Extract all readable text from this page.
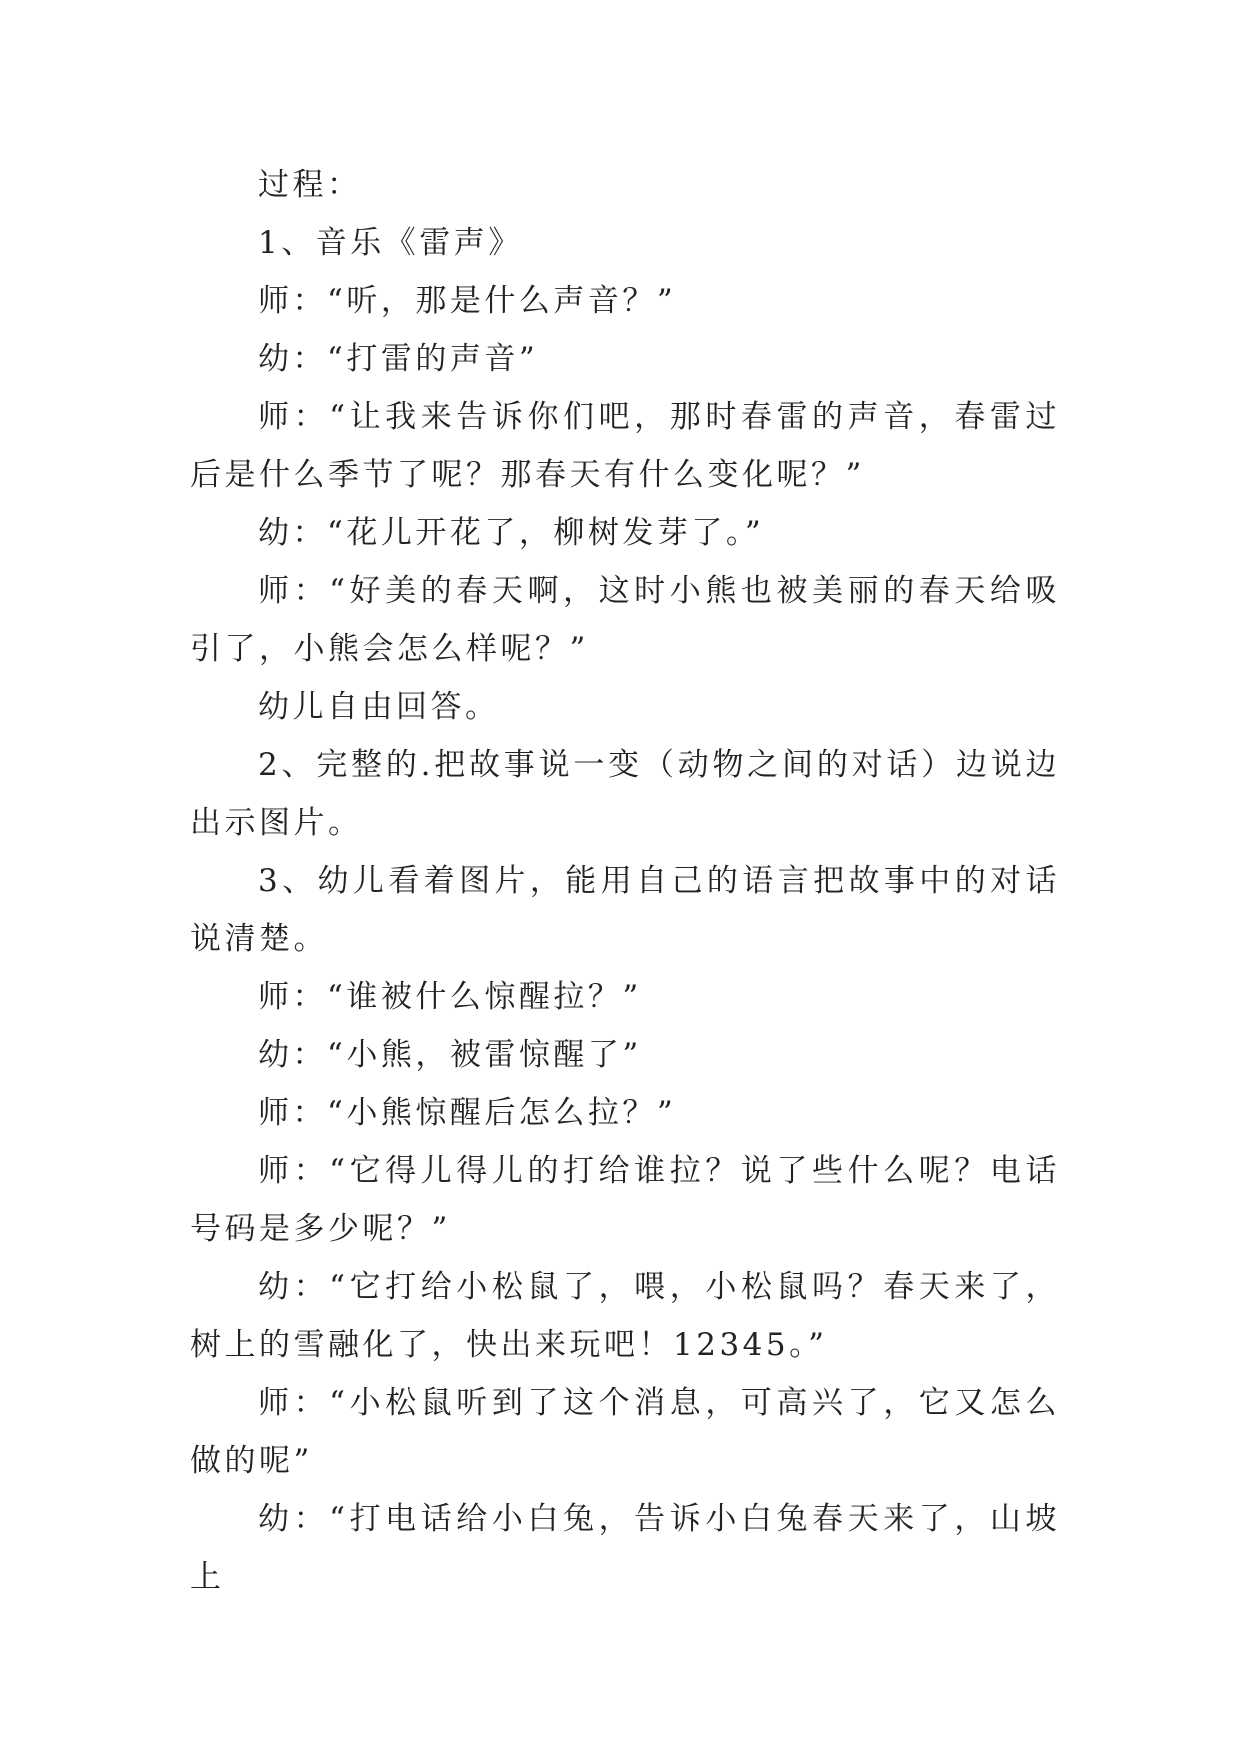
过程：

1、音乐《雷声》

师：“听，那是什么声音？”

幼：“打雷的声音”

师：“让我来告诉你们吧，那时春雷的声音，春雷过后是什么季节了呢？那春天有什么变化呢？”

幼：“花儿开花了，柳树发芽了。”

师：“好美的春天啊，这时小熊也被美丽的春天给吸引了，小熊会怎么样呢？”

幼儿自由回答。

2、完整的.把故事说一变（动物之间的对话）边说边出示图片。

3、幼儿看着图片，能用自己的语言把故事中的对话说清楚。

师：“谁被什么惊醒拉？”

幼：“小熊，被雷惊醒了”

师：“小熊惊醒后怎么拉？”

师：“它得儿得儿的打给谁拉？说了些什么呢？电话号码是多少呢？”

幼：“它打给小松鼠了，喂，小松鼠吗？春天来了，树上的雪融化了，快出来玩吧！12345。”

师：“小松鼠听到了这个消息，可高兴了，它又怎么做的呢”

幼：“打电话给小白兔，告诉小白兔春天来了，山坡上
